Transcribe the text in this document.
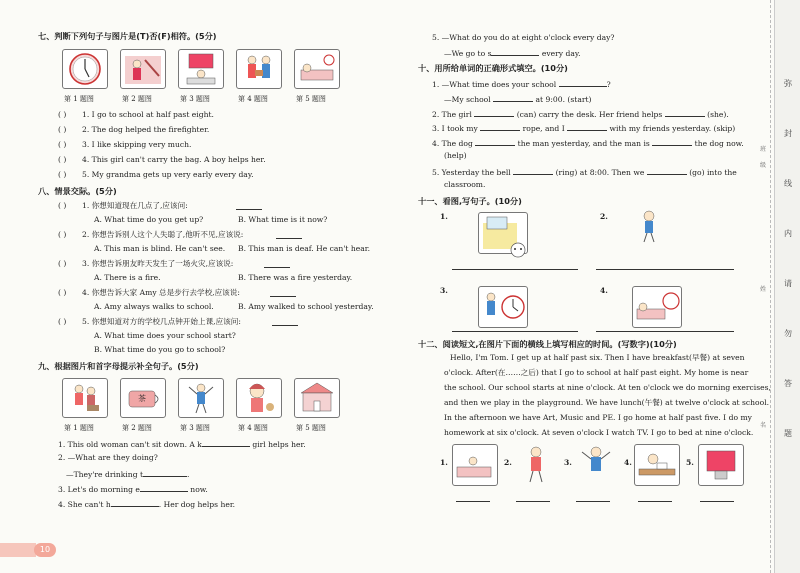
七、判断下列句子与图片是(T)否(F)相符。(5分)
第 1 题图	第 2 题图	第 3 题图	第 4 题图	第 5 题图
( ) 1. I go to school at half past eight.
( ) 2. The dog helped the firefighter.
( ) 3. I like skipping very much.
( ) 4. This girl can't carry the bag. A boy helps her.
( ) 5. My grandma gets up very early every day.
八、情景交际。(5分)
( ) 1. 你想知道现在几点了,应该问:
A. What time do you get up?	B. What time is it now?
( ) 2. 你想告诉别人这个人失聪了,他听不见,应该说:
A. This man is blind. He can't see. B. This man is deaf. He can't hear.
( ) 3. 你想告诉朋友昨天发生了一场火灾,应该说:
A. There is a fire.	B. There was a fire yesterday.
( ) 4. 你想告诉大家 Amy 总是步行去学校,应该说:
A. Amy always walks to school.	B. Amy walked to school yesterday.
( ) 5. 你想知道对方的学校几点钟开始上课,应该问:
A. What time does your school start?
B. What time do you go to school?
九、根据图片和首字母提示补全句子。(5分)
茶
第 1 题图	第 2 题图	第 3 题图	第 4 题图	第 5 题图
1. This old woman can't sit down. A k	girl helps her.
2. —What are they doing?
—They're drinking t	.
3. Let's do morning e	now.
4. She can't h	. Her dog helps her.
10
5. —What do you do at eight o'clock every day?
—We go to s	every day.
十、用所给单词的正确形式填空。(10分)
1. —What time does your school	?
—My school	at 9:00. (start)
2. The girl	(can) carry the desk. Her friend helps	(she).
3. I took my	rope, and I	with my friends yesterday. (skip)
4. The dog	the man yesterday, and the man is	the dog now.
(help)
5. Yesterday the bell	(ring) at 8:00. Then we	(go) into the
classroom.
十一、看图,写句子。(10分)
1.	2.
3.	4.
十二、阅读短文,在图片下面的横线上填写相应的时间。(写数字)(10分)
Hello, I'm Tom. I get up at half past six. Then I have breakfast(早餐) at seven
o'clock. After(在……之后) that I go to school at half past eight. My home is near
the school. Our school starts at nine o'clock. At ten o'clock we do morning exercises,
and then we play in the playground. We have lunch(午餐) at twelve o'clock at school.
In the afternoon we have Art, Music and PE. I go home at half past five. I do my
homework at six o'clock. At seven o'clock I watch TV. I go to bed at nine o'clock.
1.	2.	3.	4.	5.
弥
封
线
内
请
勿
答
题
班
级
姓
名
